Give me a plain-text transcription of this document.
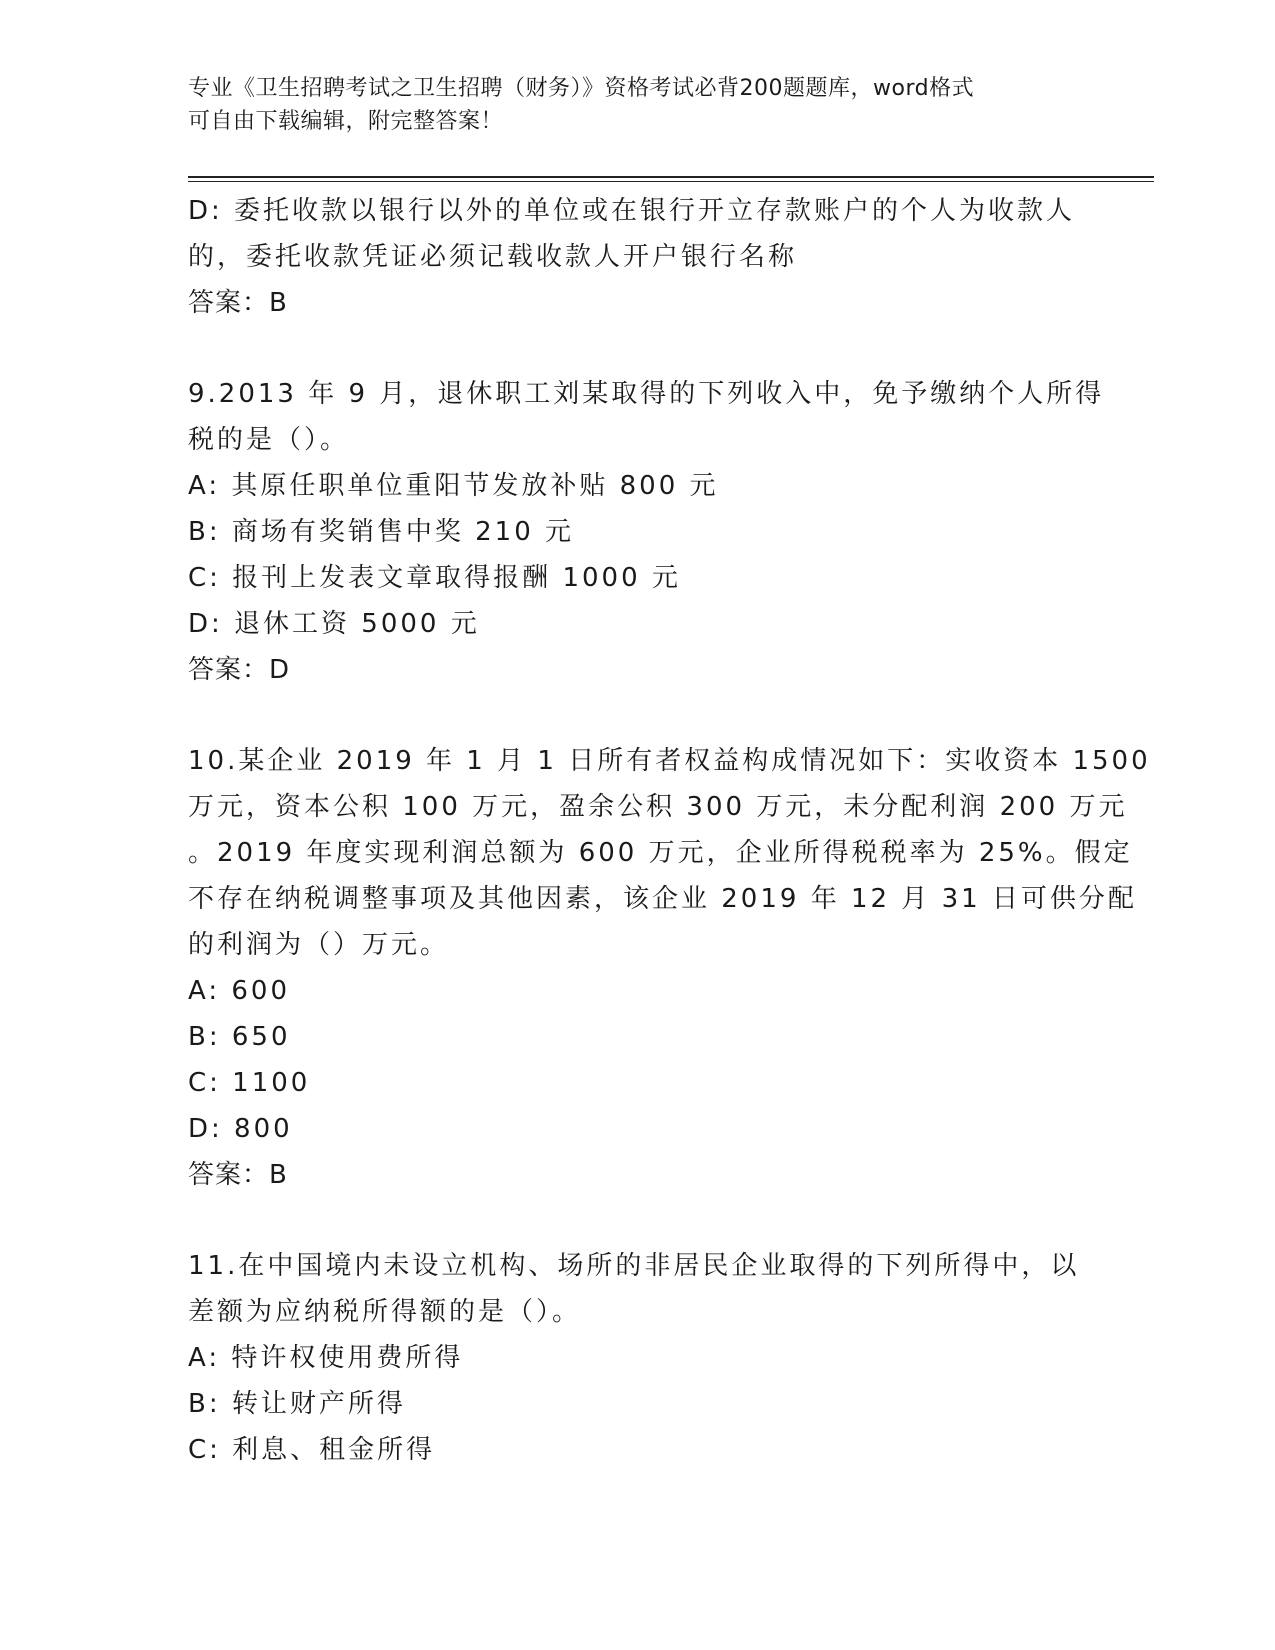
专业《卫生招聘考试之卫生招聘（财务）》资格考试必背200题题库，word格式
可自由下载编辑，附完整答案！
D: 委托收款以银行以外的单位或在银行开立存款账户的个人为收款人
的，委托收款凭证必须记载收款人开户银行名称
答案：B
9.2013 年 9 月，退休职工刘某取得的下列收入中，免予缴纳个人所得
税的是（）。
A: 其原任职单位重阳节发放补贴 800 元
B: 商场有奖销售中奖 210 元
C: 报刊上发表文章取得报酬 1000 元
D: 退休工资 5000 元
答案：D
10.某企业 2019 年 1 月 1 日所有者权益构成情况如下：实收资本 1500
万元，资本公积 100 万元，盈余公积 300 万元，未分配利润 200 万元
。2019 年度实现利润总额为 600 万元，企业所得税税率为 25%。假定
不存在纳税调整事项及其他因素，该企业 2019 年 12 月 31 日可供分配
的利润为（）万元。
A: 600
B: 650
C: 1100
D: 800
答案：B
11.在中国境内未设立机构、场所的非居民企业取得的下列所得中，以
差额为应纳税所得额的是（）。
A: 特许权使用费所得
B: 转让财产所得
C: 利息、租金所得
